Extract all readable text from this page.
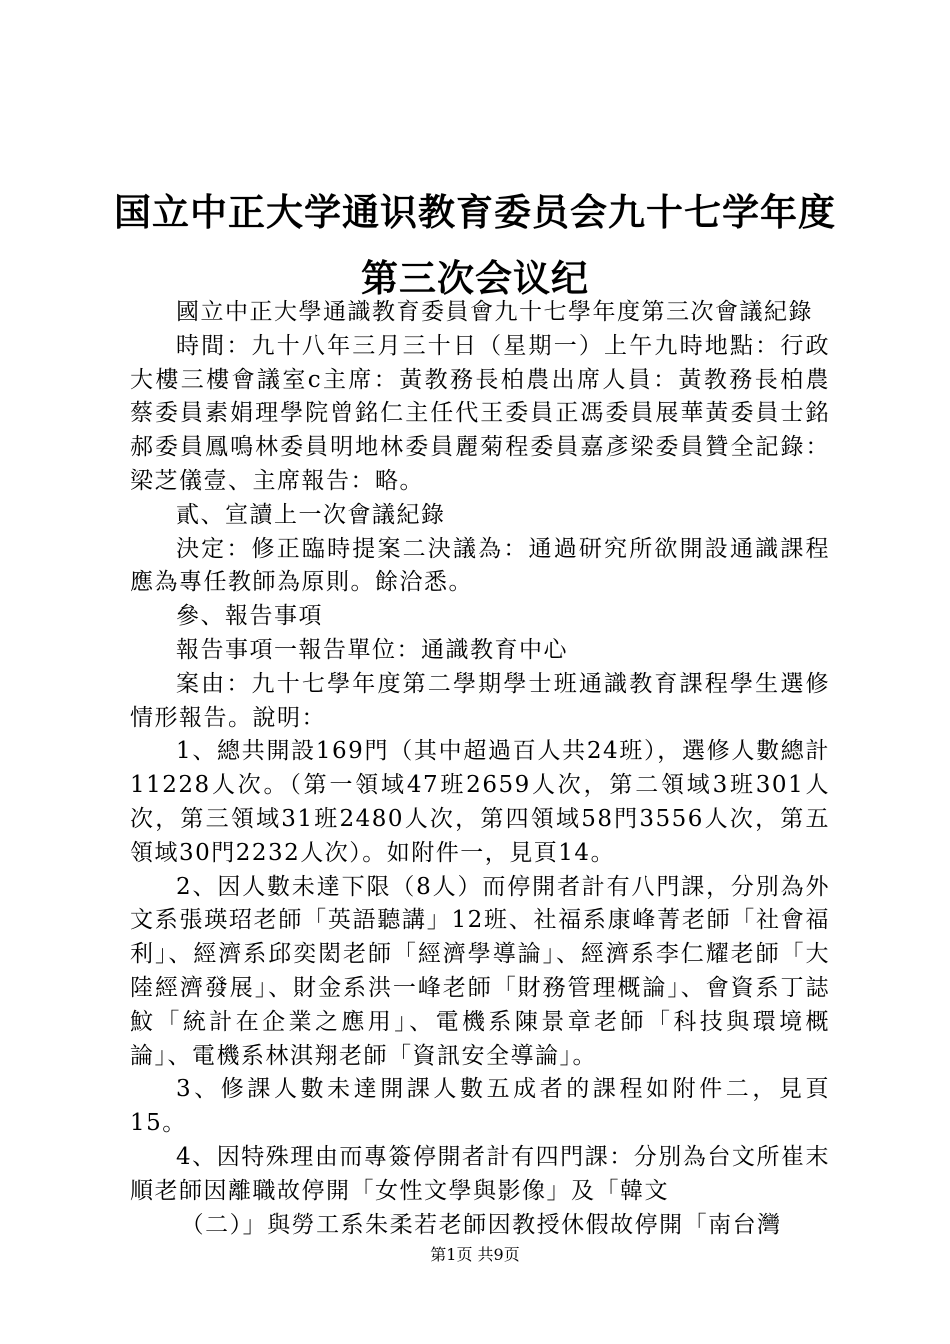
国立中正大学通识教育委员会九十七学年度第三次会议纪

國立中正大學通識教育委員會九十七學年度第三次會議紀錄

時間：九十八年三月三十日（星期一）上午九時地點：行政大樓三樓會議室c主席：黃教務長柏農出席人員：黃教務長柏農蔡委員素娟理學院曾銘仁主任代王委員正馮委員展華黃委員士銘郝委員鳳鳴林委員明地林委員麗菊程委員嘉彥梁委員贊全記錄：梁芝儀壹、主席報告：略。

貳、宣讀上一次會議紀錄

決定：修正臨時提案二決議為：通過研究所欲開設通識課程應為專任教師為原則。餘洽悉。

參、報告事項

報告事項一報告單位：通識教育中心

案由：九十七學年度第二學期學士班通識教育課程學生選修情形報告。說明：

1、總共開設169門（其中超過百人共24班），選修人數總計11228人次。（第一領域47班2659人次，第二領域3班301人次，第三領域31班2480人次，第四領域58門3556人次，第五領域30門2232人次）。如附件一，見頁14。

2、因人數未達下限（8人）而停開者計有八門課，分別為外文系張瑛玿老師「英語聽講」12班、社福系康峰菁老師「社會福利」、經濟系邱奕閎老師「經濟學導論」、經濟系李仁耀老師「大陸經濟發展」、財金系洪一峰老師「財務管理概論」、會資系丁誌魰「統計在企業之應用」、電機系陳景章老師「科技與環境概論」、電機系林淇翔老師「資訊安全導論」。

3、修課人數未達開課人數五成者的課程如附件二，見頁15。

4、因特殊理由而專簽停開者計有四門課：分別為台文所崔末順老師因離職故停開「女性文學與影像」及「韓文

（二）」與勞工系朱柔若老師因教授休假故停開「南台灣

第1页 共9页
